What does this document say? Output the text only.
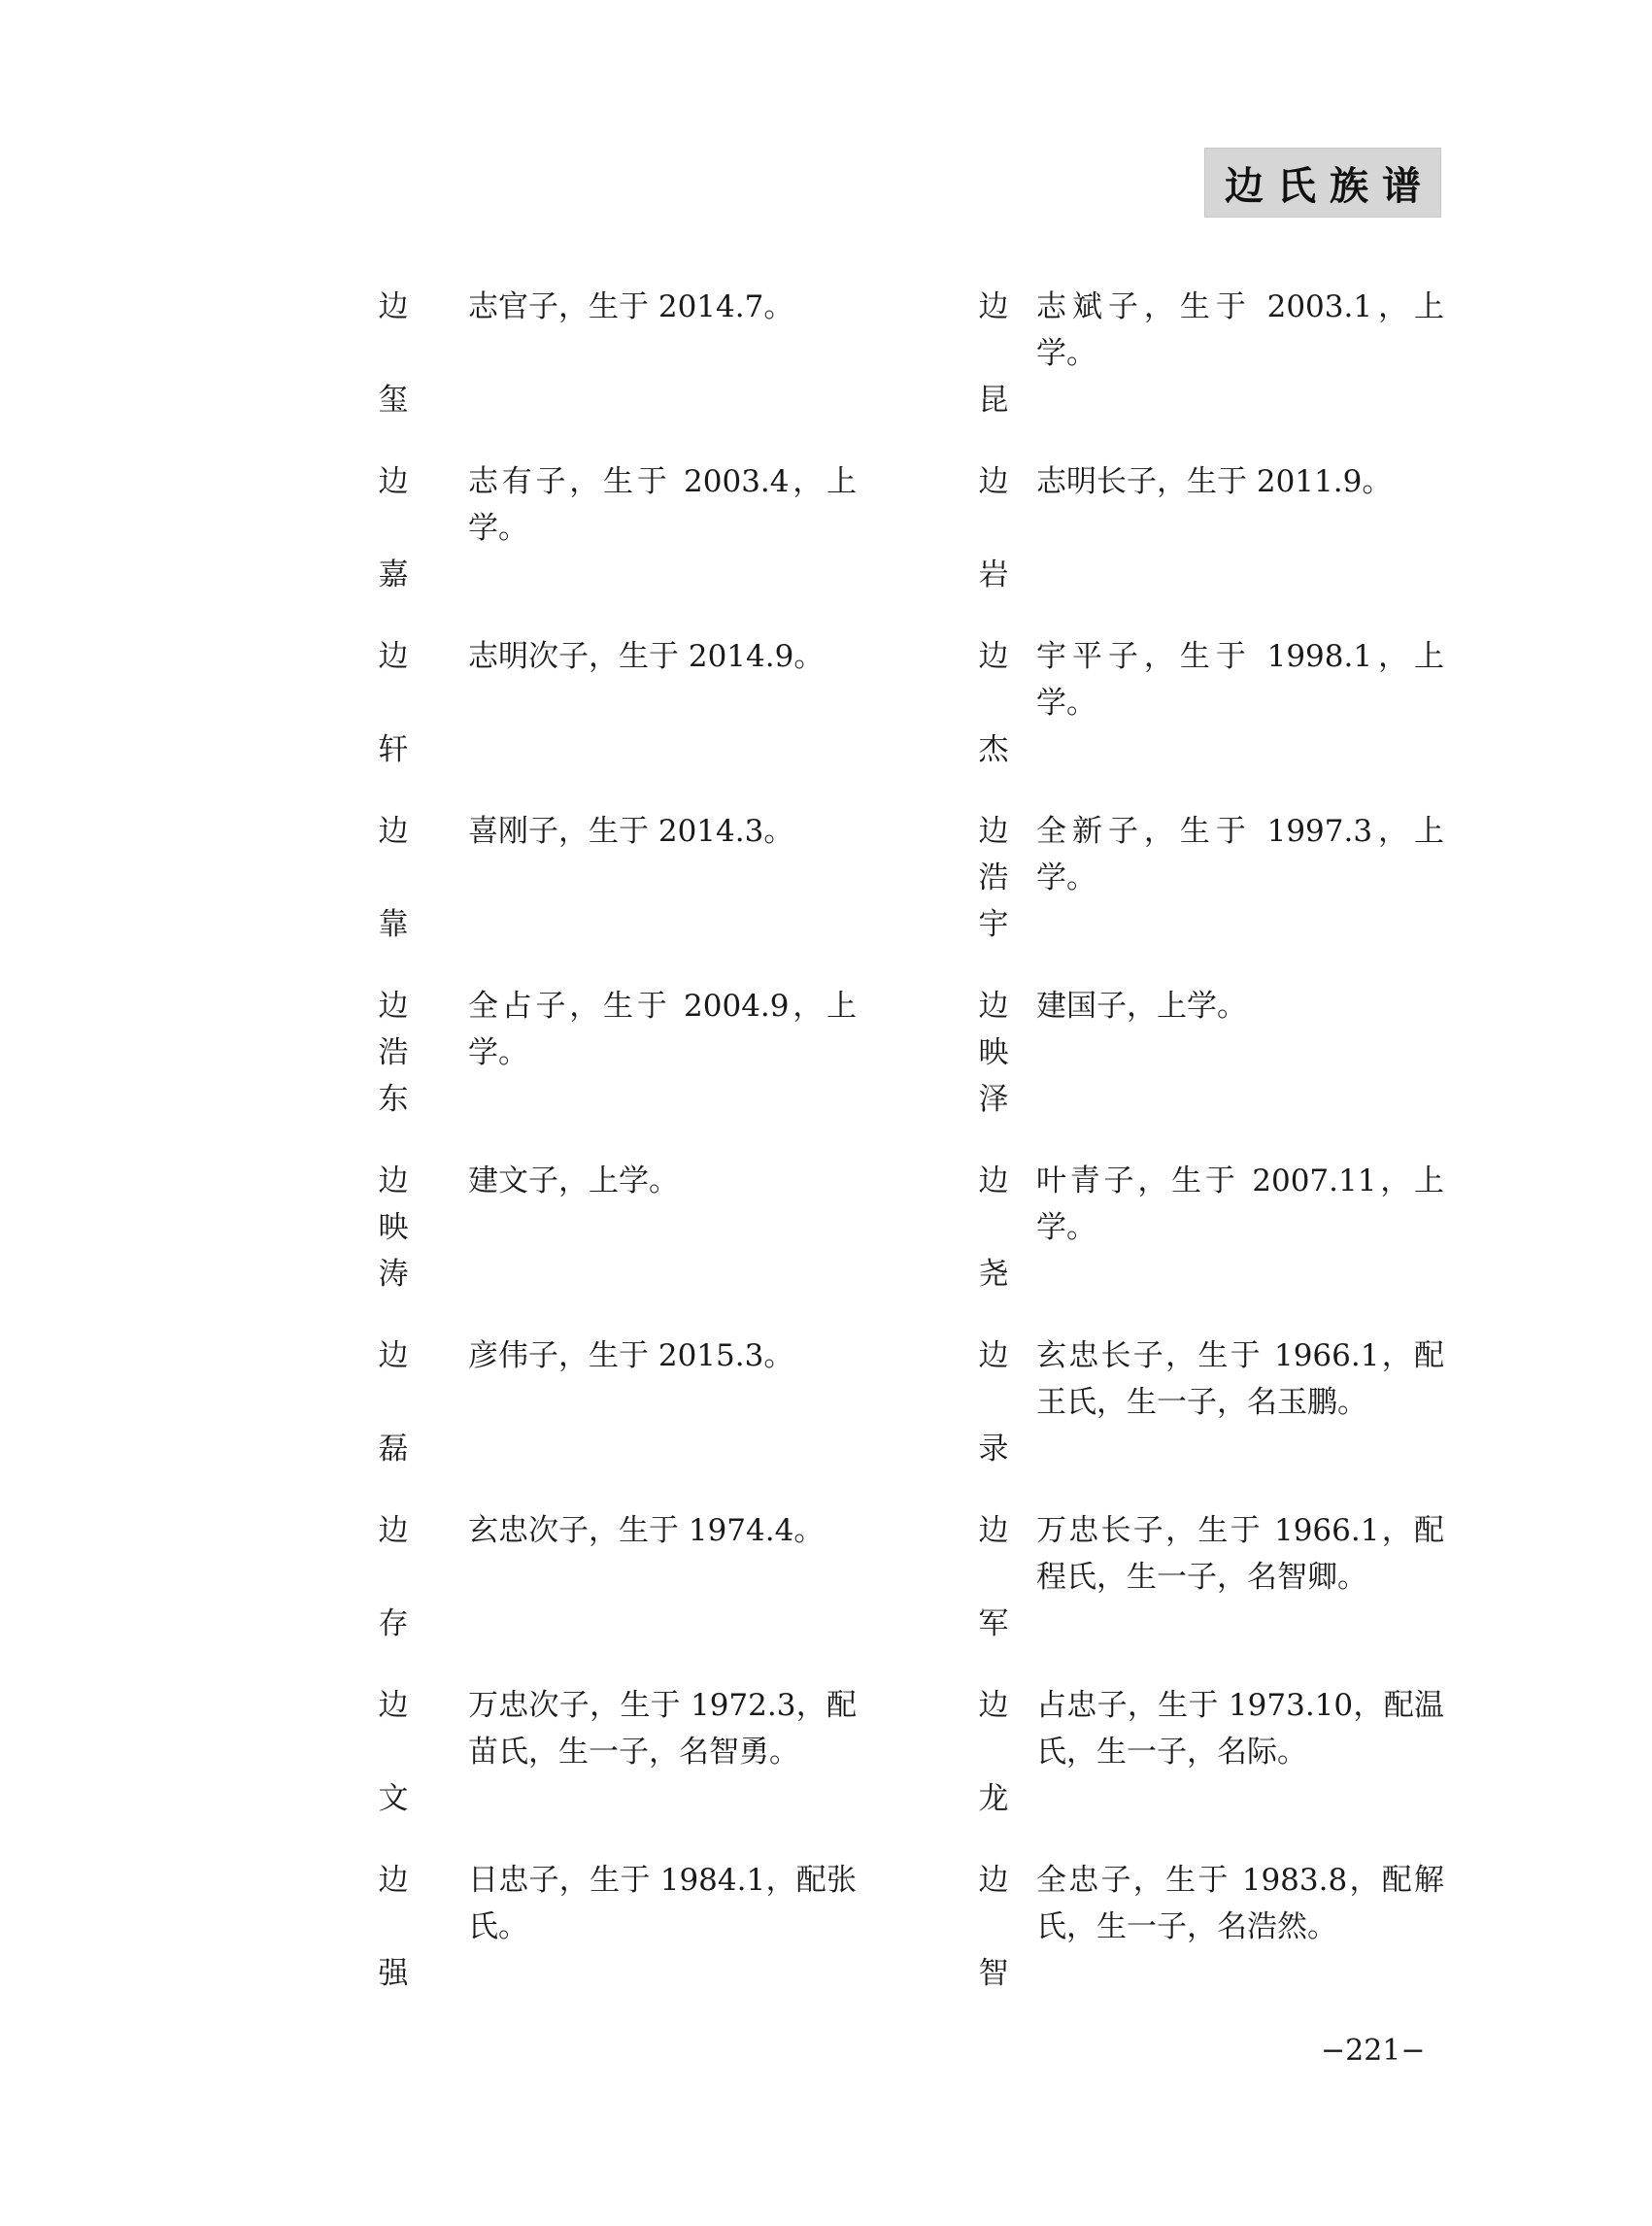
边氏族谱
边
玺
志官子，生于 2014.7。
边
嘉
志有子，生于 2003.4，上学。
边
轩
志明次子，生于 2014.9。
边
靠
喜刚子，生于 2014.3。
边
浩
东
全占子，生于 2004.9，上学。
边
映
涛
建文子，上学。
边
磊
彦伟子，生于 2015.3。
边
存
玄忠次子，生于 1974.4。
边
文
万忠次子，生于 1972.3，配苗氏，生一子，名智勇。
边
强
日忠子，生于 1984.1，配张氏。
边
昆
志斌子，生于 2003.1，上学。
边
岩
志明长子，生于 2011.9。
边
杰
宇平子，生于 1998.1，上学。
边
浩
宇
全新子，生于 1997.3，上学。
边
映
泽
建国子，上学。
边
尧
叶青子，生于 2007.11，上学。
边
录
玄忠长子，生于 1966.1，配王氏，生一子，名玉鹏。
边
军
万忠长子，生于 1966.1，配程氏，生一子，名智卿。
边
龙
占忠子，生于 1973.10，配温氏，生一子，名际。
边
智
全忠子，生于 1983.8，配解氏，生一子，名浩然。
−221−
